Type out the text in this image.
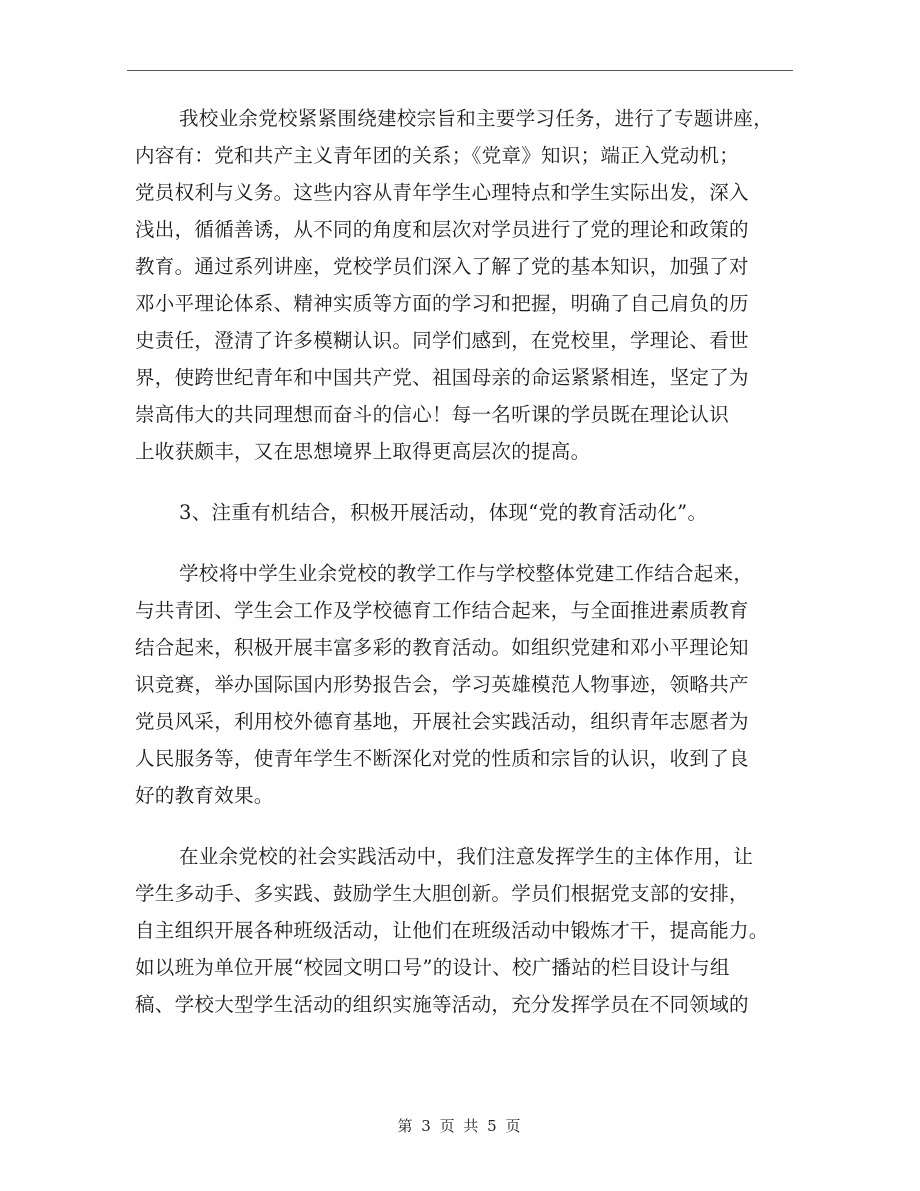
我校业余党校紧紧围绕建校宗旨和主要学习任务，进行了专题讲座，
内容有：党和共产主义青年团的关系；《党章》知识；端正入党动机；
党员权利与义务。这些内容从青年学生心理特点和学生实际出发，深入
浅出，循循善诱，从不同的角度和层次对学员进行了党的理论和政策的
教育。通过系列讲座，党校学员们深入了解了党的基本知识，加强了对
邓小平理论体系、精神实质等方面的学习和把握，明确了自己肩负的历
史责任，澄清了许多模糊认识。同学们感到，在党校里，学理论、看世
界，使跨世纪青年和中国共产党、祖国母亲的命运紧紧相连，坚定了为
崇高伟大的共同理想而奋斗的信心！每一名听课的学员既在理论认识
上收获颇丰，又在思想境界上取得更高层次的提高。
3、注重有机结合，积极开展活动，体现“党的教育活动化”。
学校将中学生业余党校的教学工作与学校整体党建工作结合起来，
与共青团、学生会工作及学校德育工作结合起来，与全面推进素质教育
结合起来，积极开展丰富多彩的教育活动。如组织党建和邓小平理论知
识竞赛，举办国际国内形势报告会，学习英雄模范人物事迹，领略共产
党员风采，利用校外德育基地，开展社会实践活动，组织青年志愿者为
人民服务等，使青年学生不断深化对党的性质和宗旨的认识，收到了良
好的教育效果。
在业余党校的社会实践活动中，我们注意发挥学生的主体作用，让
学生多动手、多实践、鼓励学生大胆创新。学员们根据党支部的安排，
自主组织开展各种班级活动，让他们在班级活动中锻炼才干，提高能力。
如以班为单位开展“校园文明口号”的设计、校广播站的栏目设计与组
稿、学校大型学生活动的组织实施等活动，充分发挥学员在不同领域的
第 3 页 共 5 页
